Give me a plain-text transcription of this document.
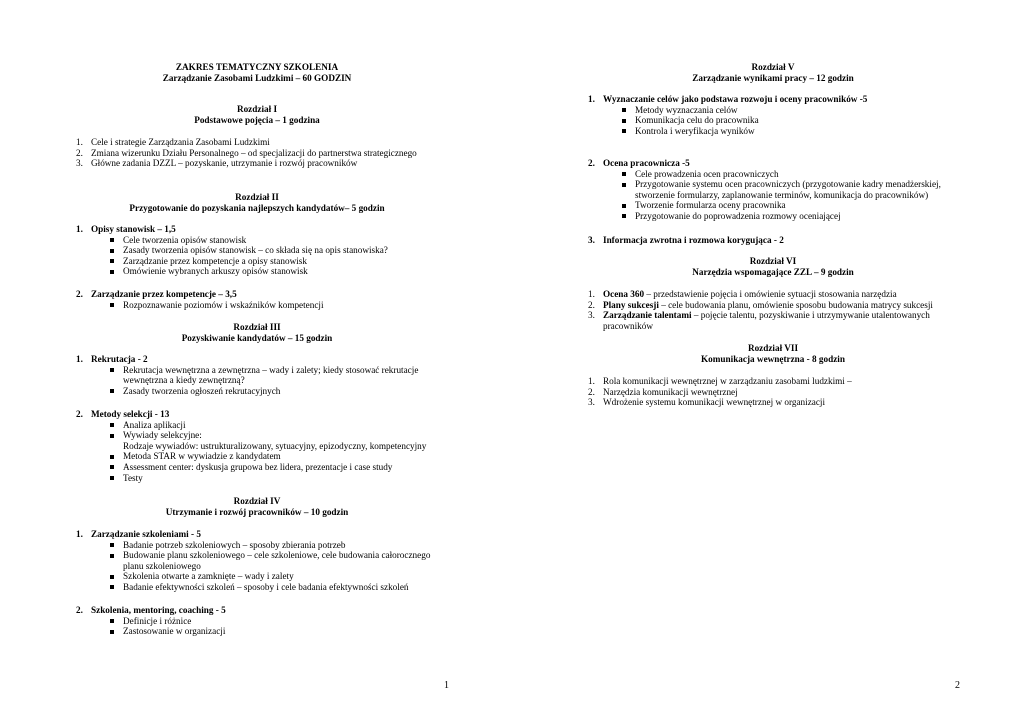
ZAKRES TEMATYCZNY SZKOLENIA
Zarządzanie Zasobami Ludzkimi – 60 GODZIN
Rozdział I
Podstawowe pojęcia – 1 godzina
1. Cele i strategie Zarządzania Zasobami Ludzkimi
2. Zmiana wizerunku Działu Personalnego – od specjalizacji do partnerstwa strategicznego
3. Główne zadania DZZL – pozyskanie, utrzymanie i rozwój pracowników
Rozdział II
Przygotowanie do pozyskania najlepszych kandydatów– 5 godzin
1. Opisy stanowisk – 1,5
Cele tworzenia opisów stanowisk
Zasady tworzenia opisów stanowisk – co składa się na opis stanowiska?
Zarządzanie przez kompetencje a opisy stanowisk
Omówienie wybranych arkuszy opisów stanowisk
2. Zarządzanie przez kompetencje – 3,5
Rozpoznawanie poziomów i wskaźników kompetencji
Rozdział III
Pozyskiwanie kandydatów – 15 godzin
1. Rekrutacja - 2
Rekrutacja wewnętrzna a zewnętrzna – wady i zalety; kiedy stosować rekrutacje
wewnętrzna a kiedy zewnętrzną?
Zasady tworzenia ogłoszeń rekrutacyjnych
2. Metody selekcji - 13
Analiza aplikacji
Wywiady selekcyjne:
Rodzaje wywiadów: ustrukturalizowany, sytuacyjny, epizodyczny, kompetencyjny
Metoda STAR w wywiadzie z kandydatem
Assessment center: dyskusja grupowa bez lidera, prezentacje i case study
Testy
Rozdział IV
Utrzymanie i rozwój pracowników – 10 godzin
1. Zarządzanie szkoleniami - 5
Badanie potrzeb szkoleniowych – sposoby zbierania potrzeb
Budowanie planu szkoleniowego – cele szkoleniowe, cele budowania całorocznego
planu szkoleniowego
Szkolenia otwarte a zamknięte – wady i zalety
Badanie efektywności szkoleń – sposoby i cele badania efektywności szkoleń
2. Szkolenia, mentoring, coaching - 5
Definicje i różnice
Zastosowanie w organizacji
1
Rozdział V
Zarządzanie wynikami pracy – 12 godzin
1. Wyznaczanie celów jako podstawa rozwoju i oceny pracowników -5
Metody wyznaczania celów
Komunikacja celu do pracownika
Kontrola i weryfikacja wyników
2. Ocena pracownicza -5
Cele prowadzenia ocen pracowniczych
Przygotowanie systemu ocen pracowniczych (przygotowanie kadry menadżerskiej,
stworzenie formularzy, zaplanowanie terminów, komunikacja do pracowników)
Tworzenie formularza oceny pracownika
Przygotowanie do poprowadzenia rozmowy oceniającej
3. Informacja zwrotna i rozmowa korygująca - 2
Rozdział VI
Narzędzia wspomagające ZZL – 9 godzin
1. Ocena 360 – przedstawienie pojęcia i omówienie sytuacji stosowania narzędzia
2. Plany sukcesji – cele budowania planu, omówienie sposobu budowania matrycy sukcesji
3. Zarządzanie talentami – pojęcie talentu, pozyskiwanie i utrzymywanie utalentowanych
pracowników
Rozdział VII
Komunikacja wewnętrzna - 8 godzin
1. Rola komunikacji wewnętrznej w zarządzaniu zasobami ludzkimi –
2. Narzędzia komunikacji wewnętrznej
3. Wdrożenie systemu komunikacji wewnętrznej w organizacji
2
